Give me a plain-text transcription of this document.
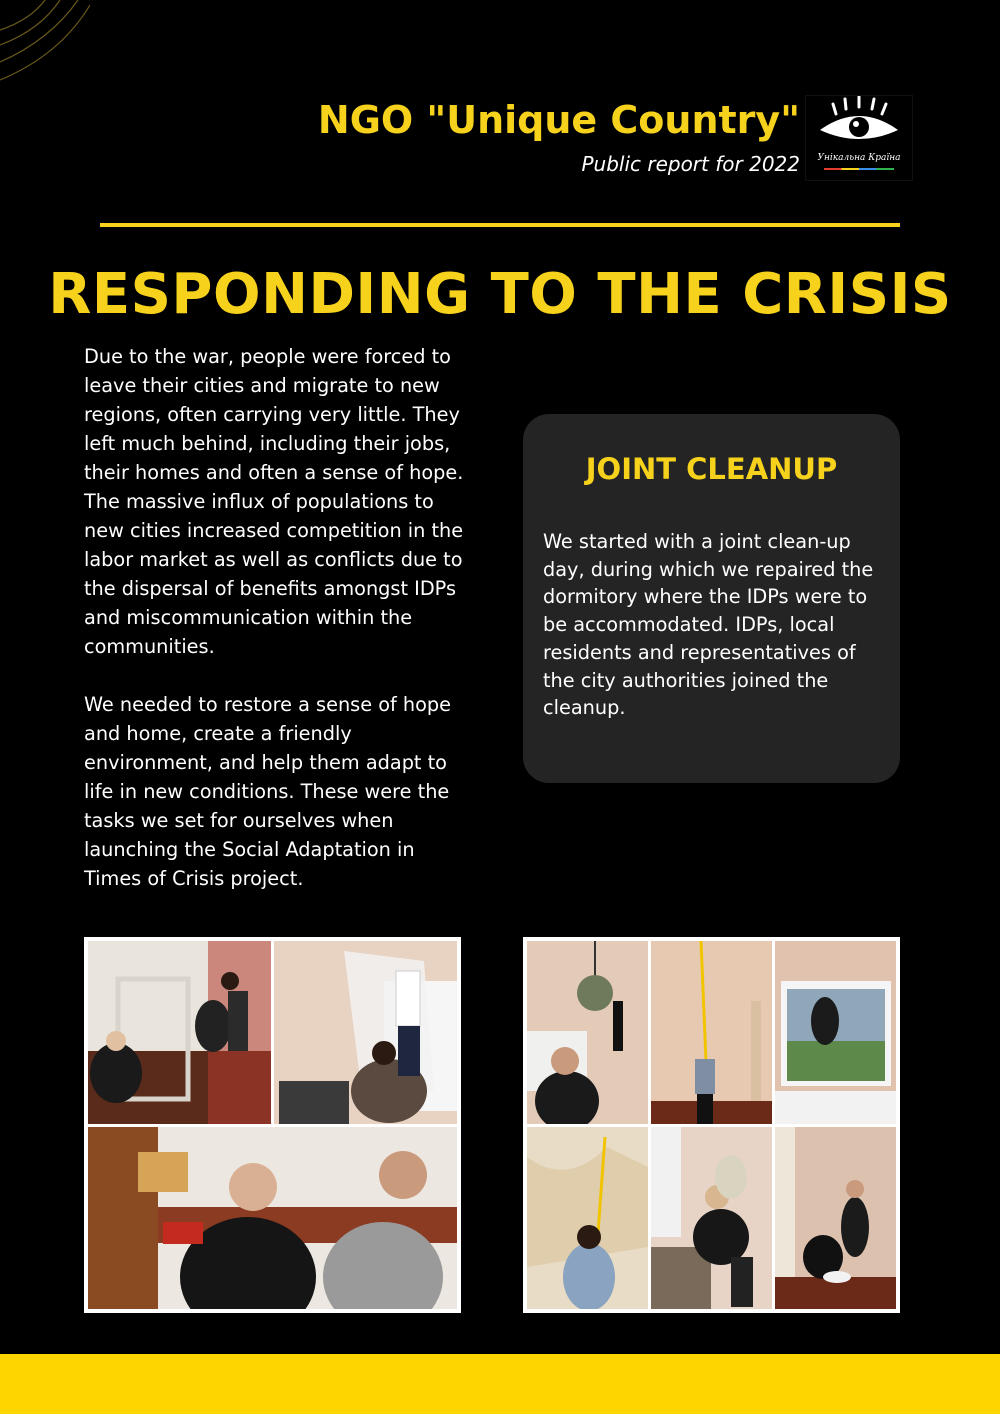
NGO "Unique Country"

Public report for 2022	Унікальна Країна
RESPONDING TO THE CRISIS

Due to the war, people were forced to leave their cities and migrate to new regions, often carrying very little. They left much behind, including their jobs, their homes and often a sense of hope. The massive influx of populations to new cities increased competition in the labor market as well as conflicts due to the dispersal of benefits amongst IDPs and miscommunication within the communities.

We needed to restore a sense of hope and home, create a friendly environment, and help them adapt to life in new conditions. These were the tasks we set for ourselves when launching the Social Adaptation in Times of Crisis project.

JOINT CLEANUP

We started with a joint clean-up day, during which we repaired the dormitory where the IDPs were to be accommodated. IDPs, local residents and representatives of the city authorities joined the cleanup.
